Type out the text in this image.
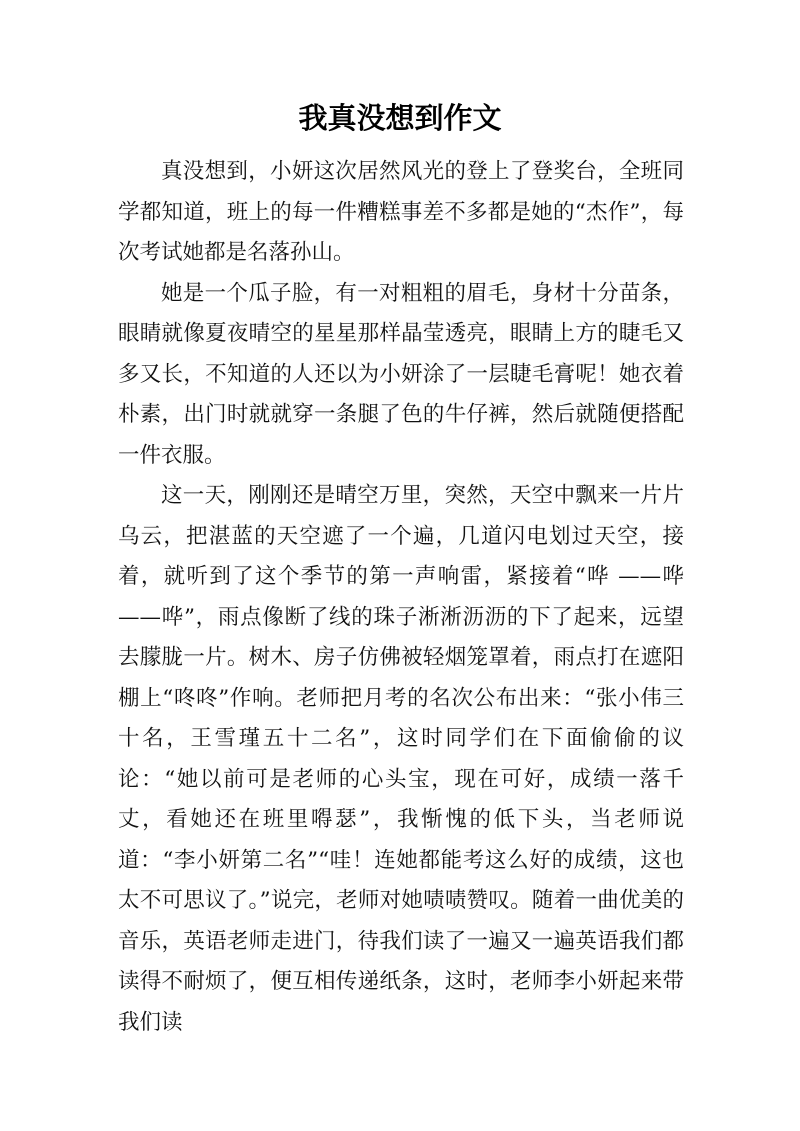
我真没想到作文

真没想到，小妍这次居然风光的登上了登奖台，全班同学都知道，班上的每一件糟糕事差不多都是她的“杰作”，每次考试她都是名落孙山。

她是一个瓜子脸，有一对粗粗的眉毛，身材十分苗条，眼睛就像夏夜晴空的星星那样晶莹透亮，眼睛上方的睫毛又多又长，不知道的人还以为小妍涂了一层睫毛膏呢！她衣着朴素，出门时就就穿一条腿了色的牛仔裤，然后就随便搭配一件衣服。

这一天，刚刚还是晴空万里，突然，天空中飘来一片片乌云，把湛蓝的天空遮了一个遍，几道闪电划过天空，接着，就听到了这个季节的第一声响雷，紧接着“哗 ——哗——哗”，雨点像断了线的珠子淅淅沥沥的下了起来，远望去朦胧一片。树木、房子仿佛被轻烟笼罩着，雨点打在遮阳棚上“咚咚”作响。老师把月考的名次公布出来：“张小伟三十名，王雪瑾五十二名”，这时同学们在下面偷偷的议论：“她以前可是老师的心头宝，现在可好，成绩一落千丈，看她还在班里嘚瑟”，我惭愧的低下头，当老师说道：“李小妍第二名”“哇！连她都能考这么好的成绩，这也太不可思议了。”说完，老师对她啧啧赞叹。随着一曲优美的音乐，英语老师走进门，待我们读了一遍又一遍英语我们都读得不耐烦了，便互相传递纸条，这时，老师李小妍起来带我们读
